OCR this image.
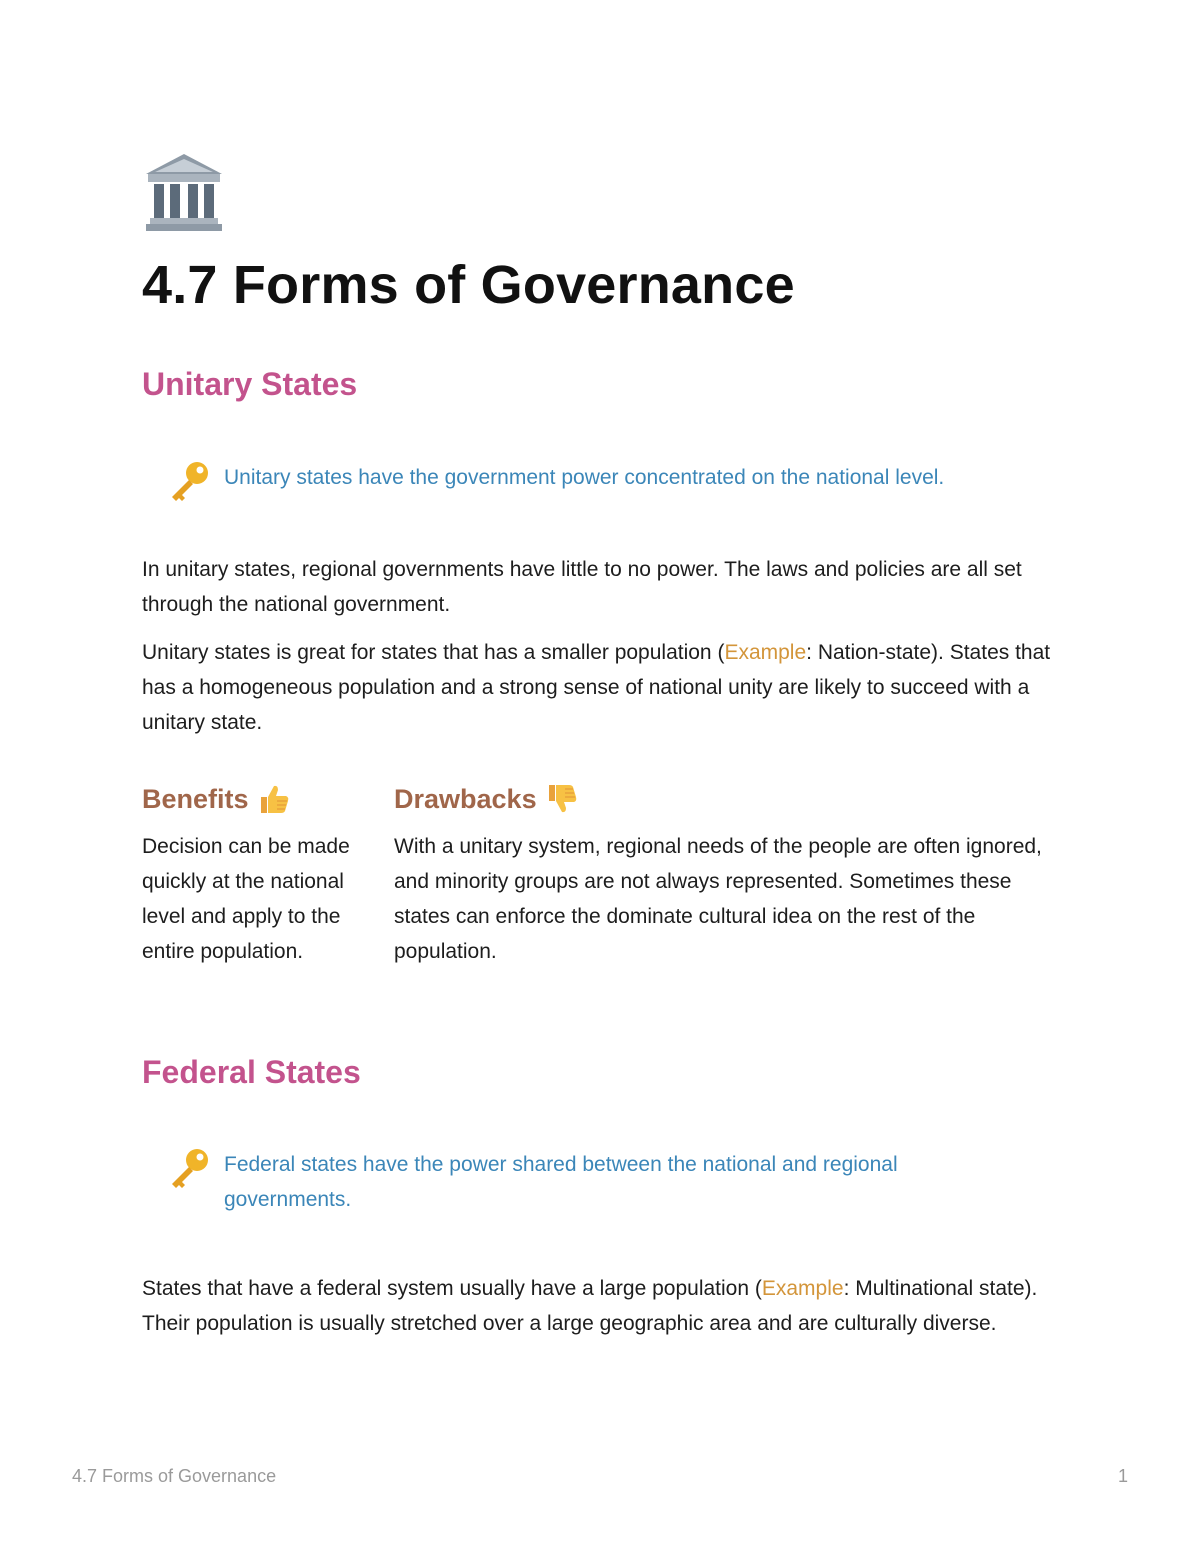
4.7 Forms of Governance
Unitary States
Unitary states have the government power concentrated on the national level.

In unitary states, regional governments have little to no power. The laws and policies are all set through the national government.

Unitary states is great for states that has a smaller population (Example: Nation-state). States that has a homogeneous population and a strong sense of national unity are likely to succeed with a unitary state.

Benefits

Decision can be made quickly at the national level and apply to the entire population.

Drawbacks

With a unitary system, regional needs of the people are often ignored, and minority groups are not always represented. Sometimes these states can enforce the dominate cultural idea on the rest of the population.

Federal States
Federal states have the power shared between the national and regional governments.

States that have a federal system usually have a large population (Example: Multinational state). Their population is usually stretched over a large geographic area and are culturally diverse.

4.7 Forms of Governance	1
